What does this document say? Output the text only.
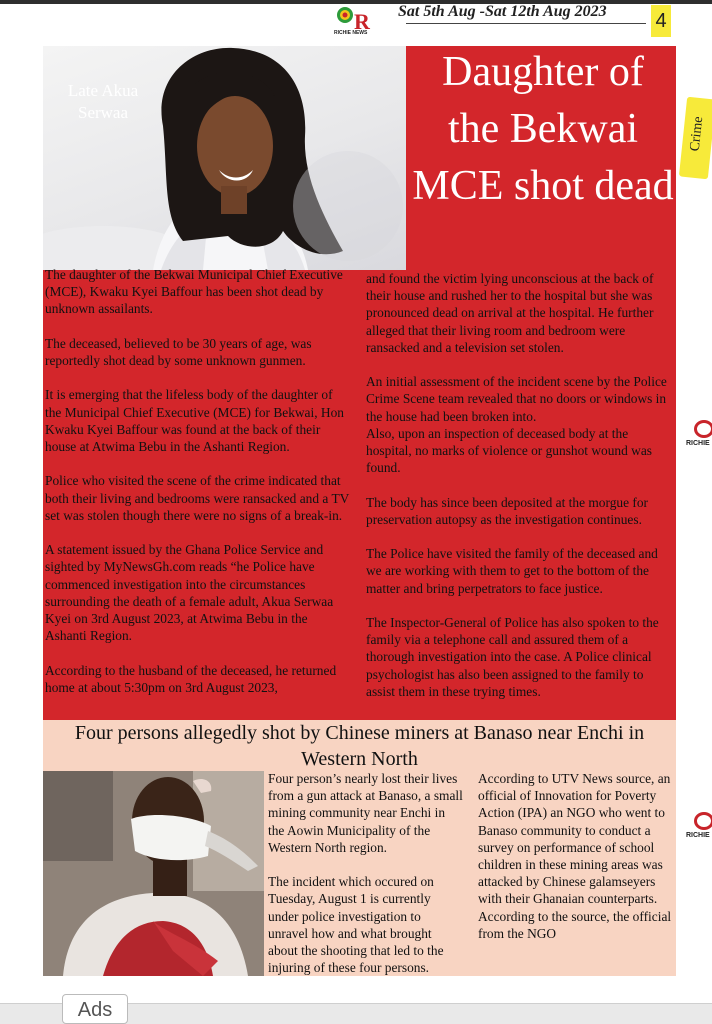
R
RICHIE NEWS
Sat 5th Aug -Sat 12th Aug 2023	4
Late Akua Serwaa
Daughter of the Bekwai MCE shot dead

The daughter of the Bekwai Municipal Chief Executive (MCE), Kwaku Kyei Baffour has been shot dead by unknown assailants.

The deceased, believed to be 30 years of age, was reportedly shot dead by some unknown gunmen.

It is emerging that the lifeless body of the daughter of the Municipal Chief Executive (MCE) for Bekwai, Hon Kwaku Kyei Baffour was found at the back of their house at Atwima Bebu in the Ashanti Region.

Police who visited the scene of the crime indicated that both their living and bedrooms were ransacked and a TV set was stolen though there were no signs of a break-in.

A statement issued by the Ghana Police Service and sighted by MyNewsGh.com reads “he Police have commenced investigation into the circumstances surrounding the death of a female adult, Akua Serwaa Kyei on 3rd August 2023, at Atwima Bebu in the Ashanti Region.

According to the husband of the deceased, he returned home at about 5:30pm on 3rd August 2023,

and found the victim lying unconscious at the back of their house and rushed her to the hospital but she was pronounced dead on arrival at the hospital. He further alleged that their living room and bedroom were ransacked and a television set stolen.

An initial assessment of the incident scene by the Police Crime Scene team revealed that no doors or windows in the house had been broken into.

Also, upon an inspection of deceased body at the hospital, no marks of violence or gunshot wound was found.

The body has since been deposited at the morgue for preservation autopsy as the investigation continues.

The Police have visited the family of the deceased and we are working with them to get to the bottom of the matter and bring perpetrators to face justice.

The Inspector-General of Police has also spoken to the family via a telephone call and assured them of a thorough investigation into the case. A Police clinical psychologist has also been assigned to the family to assist them in these trying times.

Four persons allegedly shot by Chinese miners at Banaso near Enchi in Western North

Four person’s nearly lost their lives from a gun attack at Banaso, a small mining community near Enchi in the Aowin Municipality of the Western North region.

The incident which occured on Tuesday, August 1 is currently under police investigation to unravel how and what brought about the shooting that led to the injuring of these four persons.

According to UTV News source, an official of Innovation for Poverty Action (IPA) an NGO who went to Banaso community to conduct a survey on performance of school children in these mining areas was attacked by Chinese galamseyers with their Ghanaian counterparts.

According to the source, the official from the NGO

Crime
RICHIE
RICHIE
Ads
